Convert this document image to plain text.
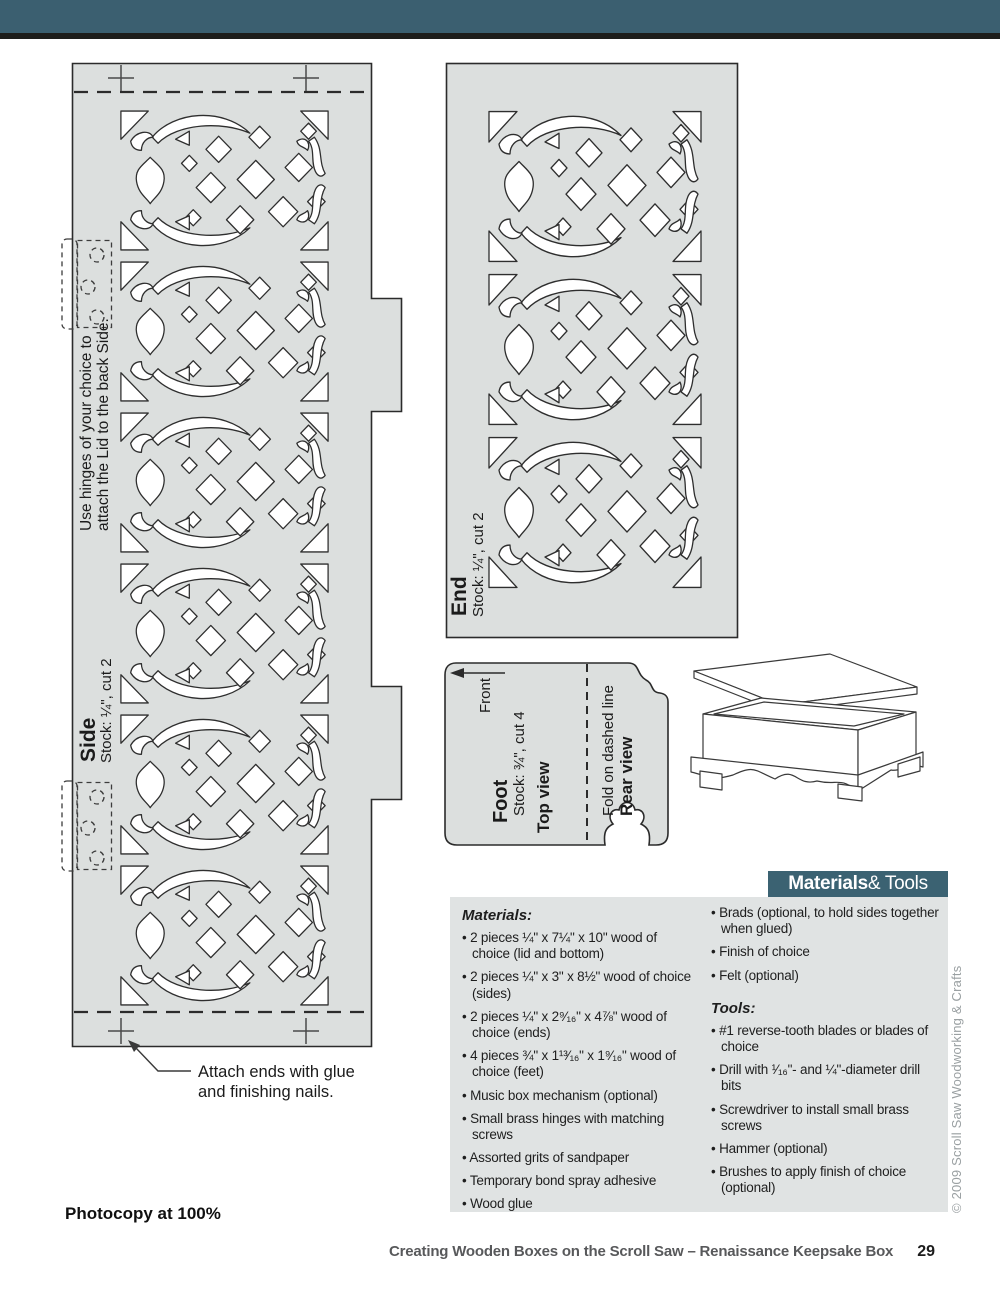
Use hinges of your choice to attach the Lid to the back Side.
Side
Stock: ¼", cut 2
Attach ends with glue
and finishing nails.
End Stock: ¼", cut 2
Front
Foot Stock: ¾", cut 4 Top view	Fold on dashed line Rear view
Materials & Tools
Materials:
• 2 pieces ¼" x 7¼" x 10" wood of choice (lid and bottom)
• 2 pieces ¼" x 3" x 8½" wood of choice (sides)
• 2 pieces ¼" x 2⁹⁄₁₆" x 4⅞" wood of choice (ends)
• 4 pieces ¾" x 1¹³⁄₁₆" x 1⁹⁄₁₆" wood of choice (feet)
• Music box mechanism (optional)
• Small brass hinges with matching screws
• Assorted grits of sandpaper
• Temporary bond spray adhesive
• Wood glue
• Brads (optional, to hold sides together when glued)
• Finish of choice
• Felt (optional)
Tools:
• #1 reverse-tooth blades or blades of choice
• Drill with ¹⁄₁₆"- and ¼"-diameter drill bits
• Screwdriver to install small brass screws
• Hammer (optional)
• Brushes to apply finish of choice (optional)
Photocopy at 100%
Creating Wooden Boxes on the Scroll Saw – Renaissance Keepsake Box 29
© 2009 Scroll Saw Woodworking & Crafts
